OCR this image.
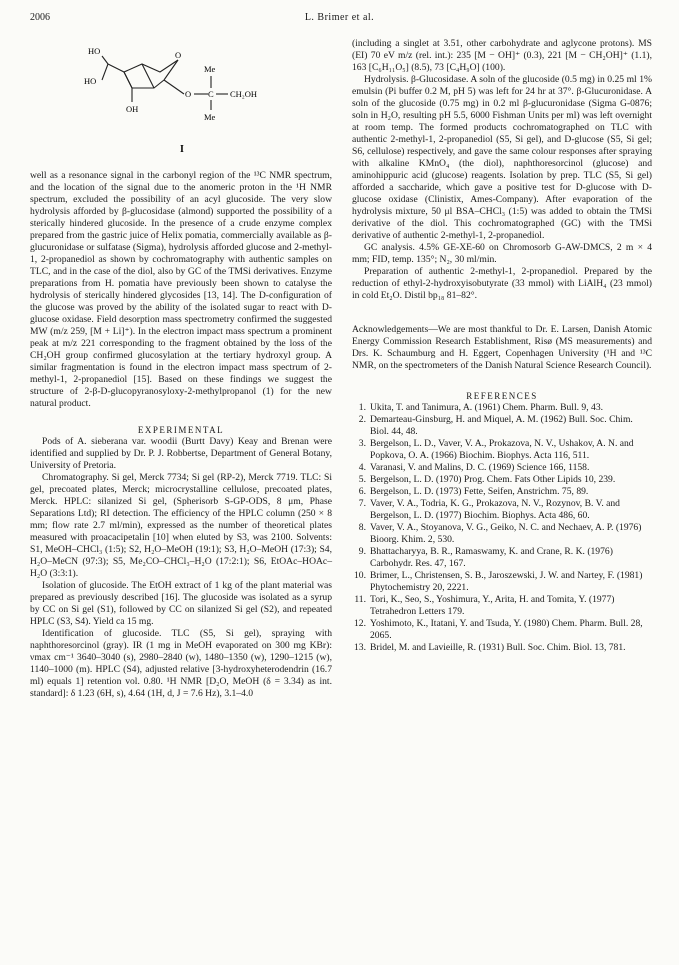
2006	L. Brimer et al.
HO	O
Me
HO
O C CH₂OH
OH
Me
I

well as a resonance signal in the carbonyl region of the ¹³C NMR spectrum, and the location of the signal due to the anomeric proton in the ¹H NMR spectrum, excluded the possibility of an acyl glucoside. The very slow hydrolysis afforded by β-glucosidase (almond) supported the possibility of a sterically hindered glucoside. In the presence of a crude enzyme complex prepared from the gastric juice of Helix pomatia, commercially available as β-glucuronidase or sulfatase (Sigma), hydrolysis afforded glucose and 2-methyl-1, 2-propanediol as shown by cochromatography with authentic samples on TLC, and in the case of the diol, also by GC of the TMSi derivatives. Enzyme preparations from H. pomatia have previously been shown to catalyse the hydrolysis of sterically hindered glycosides [13, 14]. The D-configuration of the glucose was proved by the ability of the isolated sugar to react with D-glucose oxidase. Field desorption mass spectrometry confirmed the suggested MW (m/z 259, [M + Li]⁺). In the electron impact mass spectrum a prominent peak at m/z 221 corresponding to the fragment obtained by the loss of the CH₂OH group confirmed glucosylation at the tertiary hydroxyl group. A similar fragmentation is found in the electron impact mass spectrum of 2-methyl-1, 2-propanediol [15]. Based on these findings we suggest the structure of 2-β-D-glucopyranosyloxy-2-methylpropanol (1) for the new natural product.

EXPERIMENTAL

Pods of A. sieberana var. woodii (Burtt Davy) Keay and Brenan were identified and supplied by Dr. P. J. Robbertse, Department of General Botany, University of Pretoria.

Chromatography. Si gel, Merck 7734; Si gel (RP-2), Merck 7719. TLC: Si gel, precoated plates, Merck; microcrystalline cellulose, precoated plates, Merck. HPLC: silanized Si gel, (Spherisorb S-GP-ODS, 8 μm, Phase Separations Ltd); RI detection. The efficiency of the HPLC column (250 × 8 mm; flow rate 2.7 ml/min), expressed as the number of theoretical plates measured with proacacipetalin [10] when eluted by S3, was 2100. Solvents: S1, MeOH–CHCl₃ (1:5); S2, H₂O–MeOH (19:1); S3, H₂O–MeOH (17:3); S4, H₂O–MeCN (97:3); S5, Me₂CO–CHCl₃–H₂O (17:2:1); S6, EtOAc–HOAc–H₂O (3:3:1).

Isolation of glucoside. The EtOH extract of 1 kg of the plant material was prepared as previously described [16]. The glucoside was isolated as a syrup by CC on Si gel (S1), followed by CC on silanized Si gel (S2), and repeated HPLC (S3, S4). Yield ca 15 mg.

Identification of glucoside. TLC (S5, Si gel), spraying with naphthoresorcinol (gray). IR (1 mg in MeOH evaporated on 300 mg KBr): νmax cm⁻¹ 3640–3040 (s), 2980–2840 (w), 1480–1350 (w), 1290–1215 (w), 1140–1000 (m). HPLC (S4), adjusted relative [3-hydroxyheterodendrin (16.7 ml) equals 1] retention vol. 0.80. ¹H NMR [D₂O, MeOH (δ = 3.34) as int. standard]: δ 1.23 (6H, s), 4.64 (1H, d, J = 7.6 Hz), 3.1–4.0

(including a singlet at 3.51, other carbohydrate and aglycone protons). MS (EI) 70 eV m/z (rel. int.): 235 [M − OH]⁺ (0.3), 221 [M − CH₂OH]⁺ (1.1), 163 [C₆H₁₁O₅] (8.5), 73 [C₄H₉O] (100).

Hydrolysis. β-Glucosidase. A soln of the glucoside (0.5 mg) in 0.25 ml 1% emulsin (Pi buffer 0.2 M, pH 5) was left for 24 hr at 37°. β-Glucuronidase. A soln of the glucoside (0.75 mg) in 0.2 ml β-glucuronidase (Sigma G-0876; soln in H₂O, resulting pH 5.5, 6000 Fishman Units per ml) was left overnight at room temp. The formed products cochromatographed on TLC with authentic 2-methyl-1, 2-propanediol (S5, Si gel), and D-glucose (S5, Si gel; S6, cellulose) respectively, and gave the same colour responses after spraying with alkaline KMnO₄ (the diol), naphthoresorcinol (glucose) and aminohippuric acid (glucose) reagents. Isolation by prep. TLC (S5, Si gel) afforded a saccharide, which gave a positive test for D-glucose with D-glucose oxidase (Clinistix, Ames-Company). After evaporation of the hydrolysis mixture, 50 μl BSA–CHCl₃ (1:5) was added to obtain the TMSi derivative of the diol. This cochromatographed (GC) with the TMSi derivative of authentic 2-methyl-1, 2-propanediol.

GC analysis. 4.5% GE-XE-60 on Chromosorb G-AW-DMCS, 2 m × 4 mm; FID, temp. 135°; N₂, 30 ml/min.

Preparation of authentic 2-methyl-1, 2-propanediol. Prepared by the reduction of ethyl-2-hydroxyisobutyrate (33 mmol) with LiAlH₄ (23 mmol) in cold Et₂O. Distil bp₁₈ 81–82°.

Acknowledgements—We are most thankful to Dr. E. Larsen, Danish Atomic Energy Commission Research Establishment, Risø (MS measurements) and Drs. K. Schaumburg and H. Eggert, Copenhagen University (¹H and ¹³C NMR, on the spectrometers of the Danish Natural Science Research Council).

REFERENCES

1. Ukita, T. and Tanimura, A. (1961) Chem. Pharm. Bull. 9, 43.
2. Demarteau-Ginsburg, H. and Miquel, A. M. (1962) Bull. Soc. Chim. Biol. 44, 48.
3. Bergelson, L. D., Vaver, V. A., Prokazova, N. V., Ushakov, A. N. and Popkova, O. A. (1966) Biochim. Biophys. Acta 116, 511.
4. Varanasi, V. and Malins, D. C. (1969) Science 166, 1158.
5. Bergelson, L. D. (1970) Prog. Chem. Fats Other Lipids 10, 239.
6. Bergelson, L. D. (1973) Fette, Seifen, Anstrichm. 75, 89.
7. Vaver, V. A., Todria, K. G., Prokazova, N. V., Rozynov, B. V. and Bergelson, L. D. (1977) Biochim. Biophys. Acta 486, 60.
8. Vaver, V. A., Stoyanova, V. G., Geiko, N. C. and Nechaev, A. P. (1976) Bioorg. Khim. 2, 530.
9. Bhattacharyya, B. R., Ramaswamy, K. and Crane, R. K. (1976) Carbohydr. Res. 47, 167.
10. Brimer, L., Christensen, S. B., Jaroszewski, J. W. and Nartey, F. (1981) Phytochemistry 20, 2221.
11. Tori, K., Seo, S., Yoshimura, Y., Arita, H. and Tomita, Y. (1977) Tetrahedron Letters 179.
12. Yoshimoto, K., Itatani, Y. and Tsuda, Y. (1980) Chem. Pharm. Bull. 28, 2065.
13. Bridel, M. and Lavieille, R. (1931) Bull. Soc. Chim. Biol. 13, 781.
